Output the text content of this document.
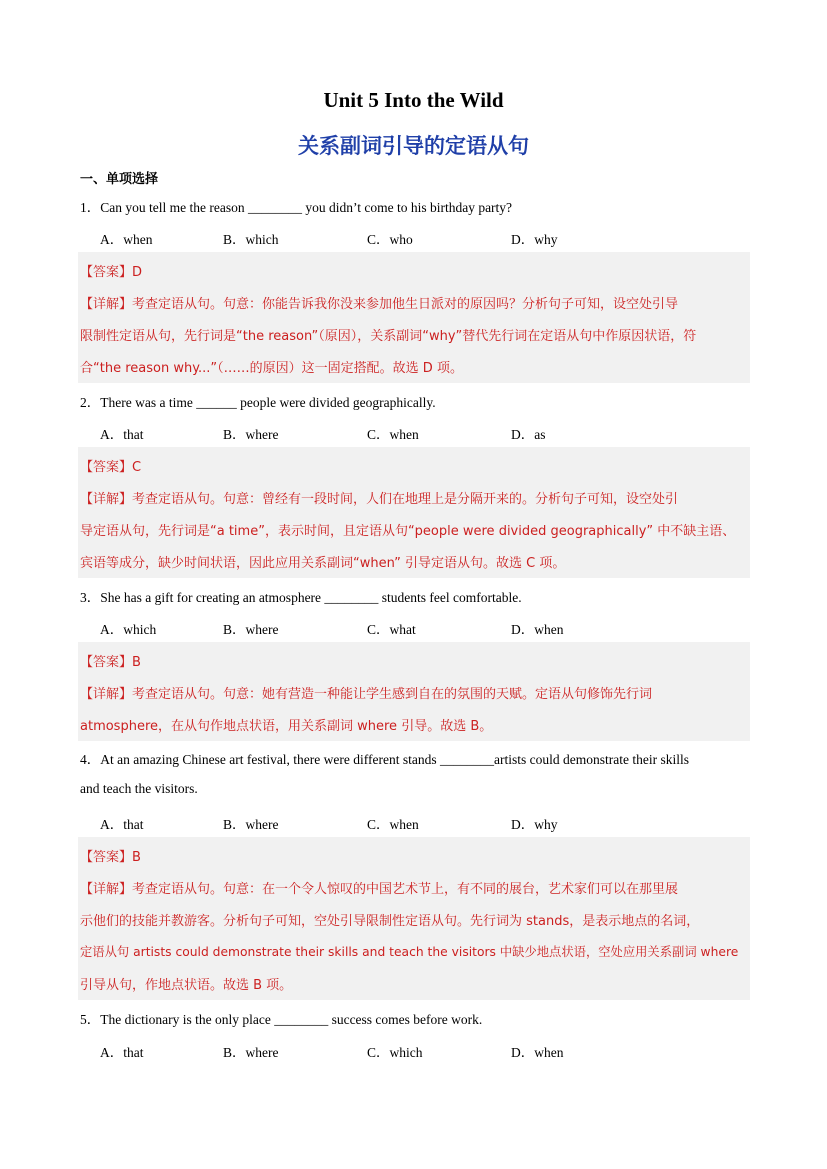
Unit 5 Into the Wild
关系副词引导的定语从句
一、单项选择
1．Can you tell me the reason ________ you didn’t come to his birthday party?
A．when	B．which	C．who	D．why
【答案】D
【详解】考查定语从句。句意：你能告诉我你没来参加他生日派对的原因吗？分析句子可知，设空处引导
限制性定语从句，先行词是“the reason”（原因），关系副词“why”替代先行词在定语从句中作原因状语，符
合“the reason why...”（……的原因）这一固定搭配。故选 D 项。
2．There was a time ______ people were divided geographically.
A．that	B．where	C．when	D．as
【答案】C
【详解】考查定语从句。句意：曾经有一段时间，人们在地理上是分隔开来的。分析句子可知，设空处引
导定语从句，先行词是“a time”，表示时间，且定语从句“people were divided geographically” 中不缺主语、
宾语等成分，缺少时间状语，因此应用关系副词“when” 引导定语从句。故选 C 项。
3．She has a gift for creating an atmosphere ________ students feel comfortable.
A．which	B．where	C．what	D．when
【答案】B
【详解】考查定语从句。句意：她有营造一种能让学生感到自在的氛围的天赋。定语从句修饰先行词
atmosphere，在从句作地点状语，用关系副词 where 引导。故选 B。
4．At an amazing Chinese art festival, there were different stands ________artists could demonstrate their skills
and teach the visitors.
A．that	B．where	C．when	D．why
【答案】B
【详解】考查定语从句。句意：在一个令人惊叹的中国艺术节上，有不同的展台，艺术家们可以在那里展
示他们的技能并教游客。分析句子可知，空处引导限制性定语从句。先行词为 stands，是表示地点的名词，
定语从句 artists could demonstrate their skills and teach the visitors 中缺少地点状语，空处应用关系副词 where
引导从句，作地点状语。故选 B 项。
5．The dictionary is the only place ________ success comes before work.
A．that	B．where	C．which	D．when
